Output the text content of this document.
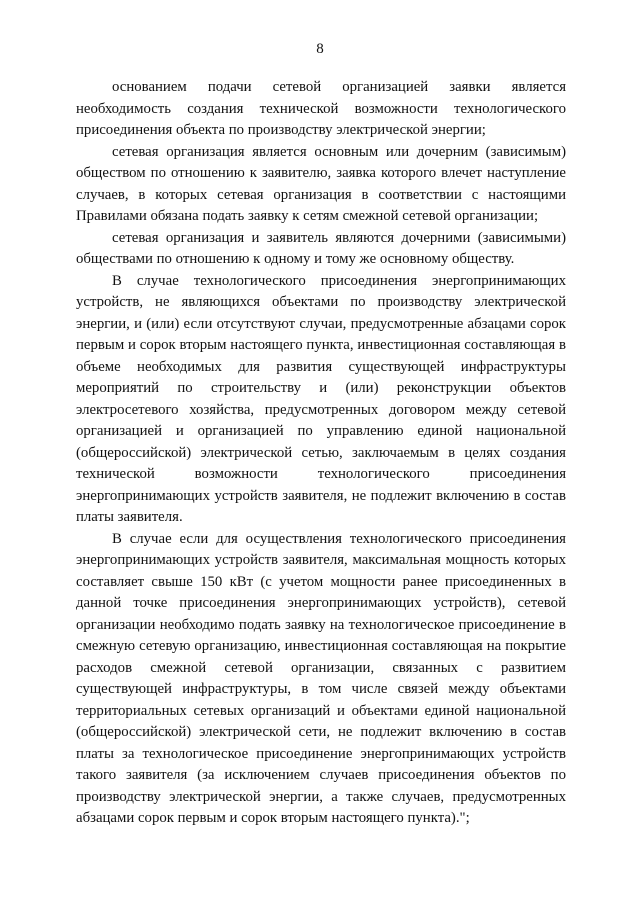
8

основанием подачи сетевой организацией заявки является необходимость создания технической возможности технологического присоединения объекта по производству электрической энергии;

сетевая организация является основным или дочерним (зависимым) обществом по отношению к заявителю, заявка которого влечет наступление случаев, в которых сетевая организация в соответствии с настоящими Правилами обязана подать заявку к сетям смежной сетевой организации;

сетевая организация и заявитель являются дочерними (зависимыми) обществами по отношению к одному и тому же основному обществу.

В случае технологического присоединения энергопринимающих устройств, не являющихся объектами по производству электрической энергии, и (или) если отсутствуют случаи, предусмотренные абзацами сорок первым и сорок вторым настоящего пункта, инвестиционная составляющая в объеме необходимых для развития существующей инфраструктуры мероприятий по строительству и (или) реконструкции объектов электросетевого хозяйства, предусмотренных договором между сетевой организацией и организацией по управлению единой национальной (общероссийской) электрической сетью, заключаемым в целях создания технической возможности технологического присоединения энергопринимающих устройств заявителя, не подлежит включению в состав платы заявителя.

В случае если для осуществления технологического присоединения энергопринимающих устройств заявителя, максимальная мощность которых составляет свыше 150 кВт (с учетом мощности ранее присоединенных в данной точке присоединения энергопринимающих устройств), сетевой организации необходимо подать заявку на технологическое присоединение в смежную сетевую организацию, инвестиционная составляющая на покрытие расходов смежной сетевой организации, связанных с развитием существующей инфраструктуры, в том числе связей между объектами территориальных сетевых организаций и объектами единой национальной (общероссийской) электрической сети, не подлежит включению в состав платы за технологическое присоединение энергопринимающих устройств такого заявителя (за исключением случаев присоединения объектов по производству электрической энергии, а также случаев, предусмотренных абзацами сорок первым и сорок вторым настоящего пункта).";
